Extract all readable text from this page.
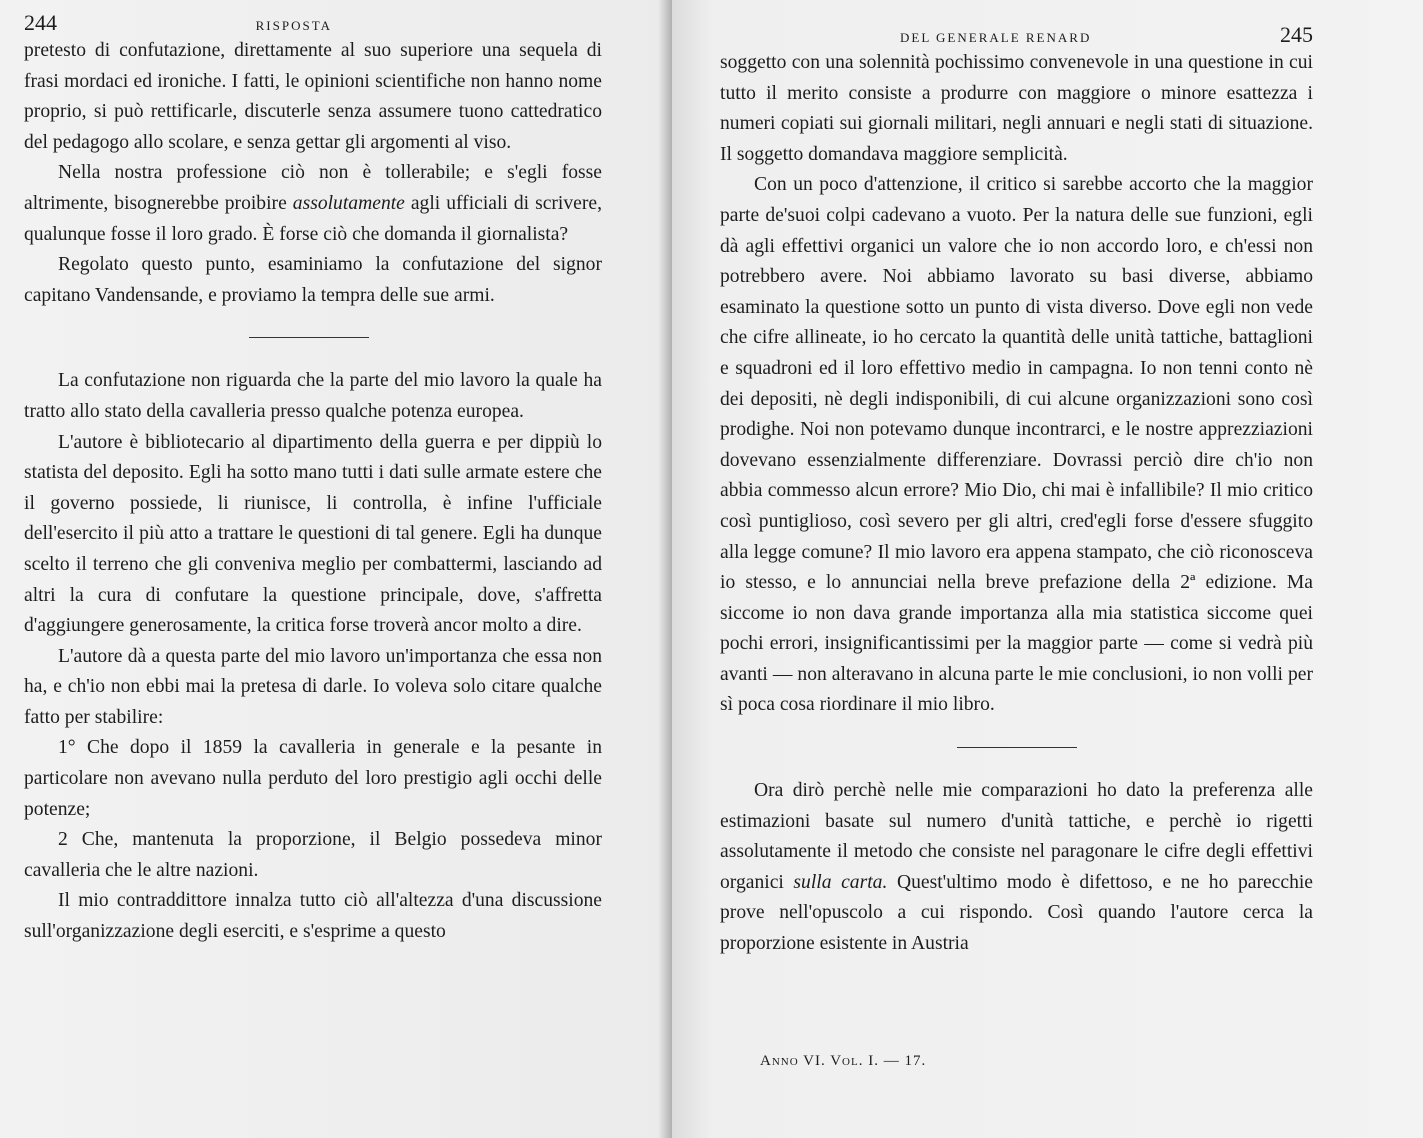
244	RISPOSTA

pretesto di confutazione, direttamente al suo superiore una sequela di frasi mordaci ed ironiche. I fatti, le opinioni scientifiche non hanno nome proprio, si può rettificarle, discuterle senza assumere tuono cattedratico del pedagogo allo scolare, e senza gettar gli argomenti al viso.

Nella nostra professione ciò non è tollerabile; e s'egli fosse altrimente, bisognerebbe proibire assolutamente agli ufficiali di scrivere, qualunque fosse il loro grado. È forse ciò che domanda il giornalista?

Regolato questo punto, esaminiamo la confutazione del signor capitano Vandensande, e proviamo la tempra delle sue armi.

La confutazione non riguarda che la parte del mio lavoro la quale ha tratto allo stato della cavalleria presso qualche potenza europea.

L'autore è bibliotecario al dipartimento della guerra e per dippiù lo statista del deposito. Egli ha sotto mano tutti i dati sulle armate estere che il governo possiede, li riunisce, li controlla, è infine l'ufficiale dell'esercito il più atto a trattare le questioni di tal genere. Egli ha dunque scelto il terreno che gli conveniva meglio per combattermi, lasciando ad altri la cura di confutare la questione principale, dove, s'affretta d'aggiungere generosamente, la critica forse troverà ancor molto a dire.

L'autore dà a questa parte del mio lavoro un'importanza che essa non ha, e ch'io non ebbi mai la pretesa di darle. Io voleva solo citare qualche fatto per stabilire:

1° Che dopo il 1859 la cavalleria in generale e la pesante in particolare non avevano nulla perduto del loro prestigio agli occhi delle potenze;

2 Che, mantenuta la proporzione, il Belgio possedeva minor cavalleria che le altre nazioni.

Il mio contraddittore innalza tutto ciò all'altezza d'una discussione sull'organizzazione degli eserciti, e s'esprime a questo

DEL GENERALE RENARD	245

soggetto con una solennità pochissimo convenevole in una questione in cui tutto il merito consiste a produrre con maggiore o minore esattezza i numeri copiati sui giornali militari, negli annuari e negli stati di situazione. Il soggetto domandava maggiore semplicità.

Con un poco d'attenzione, il critico si sarebbe accorto che la maggior parte de'suoi colpi cadevano a vuoto. Per la natura delle sue funzioni, egli dà agli effettivi organici un valore che io non accordo loro, e ch'essi non potrebbero avere. Noi abbiamo lavorato su basi diverse, abbiamo esaminato la questione sotto un punto di vista diverso. Dove egli non vede che cifre allineate, io ho cercato la quantità delle unità tattiche, battaglioni e squadroni ed il loro effettivo medio in campagna. Io non tenni conto nè dei depositi, nè degli indisponibili, di cui alcune organizzazioni sono così prodighe. Noi non potevamo dunque incontrarci, e le nostre apprezziazioni dovevano essenzialmente differenziare. Dovrassi perciò dire ch'io non abbia commesso alcun errore? Mio Dio, chi mai è infallibile? Il mio critico così puntiglioso, così severo per gli altri, cred'egli forse d'essere sfuggito alla legge comune? Il mio lavoro era appena stampato, che ciò riconosceva io stesso, e lo annunciai nella breve prefazione della 2ª edizione. Ma siccome io non dava grande importanza alla mia statistica siccome quei pochi errori, insignificantissimi per la maggior parte — come si vedrà più avanti — non alteravano in alcuna parte le mie conclusioni, io non volli per sì poca cosa riordinare il mio libro.

Ora dirò perchè nelle mie comparazioni ho dato la preferenza alle estimazioni basate sul numero d'unità tattiche, e perchè io rigetti assolutamente il metodo che consiste nel paragonare le cifre degli effettivi organici sulla carta. Quest'ultimo modo è difettoso, e ne ho parecchie prove nell'opuscolo a cui rispondo. Così quando l'autore cerca la proporzione esistente in Austria

Anno VI. Vol. I. — 17.
